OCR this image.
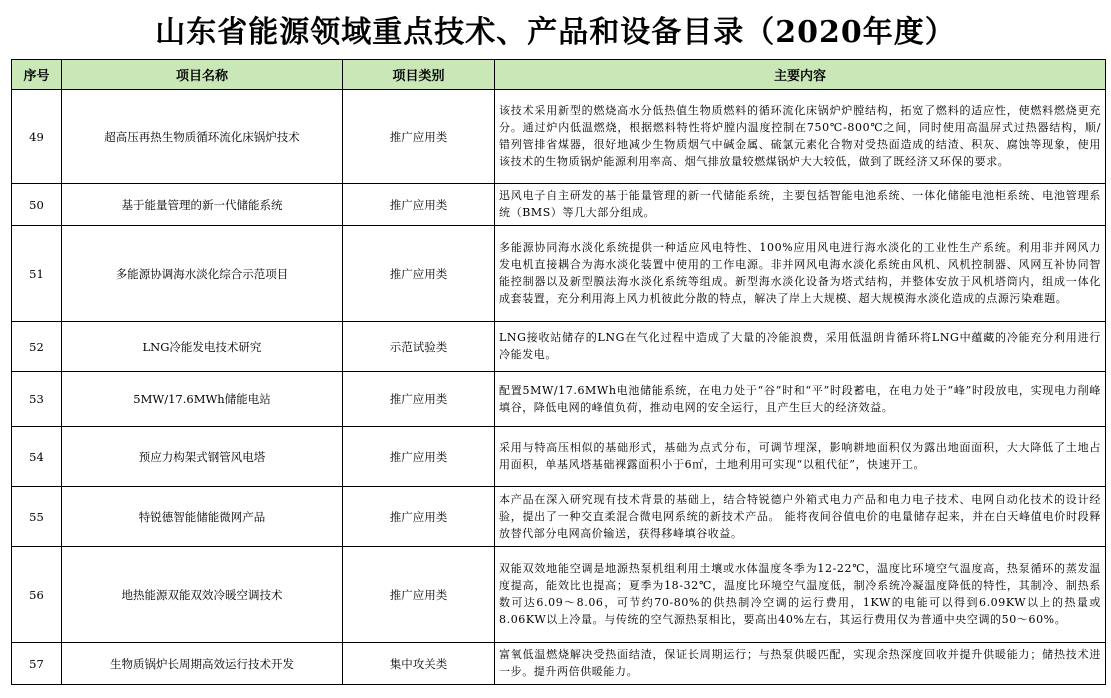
山东省能源领域重点技术、产品和设备目录（2020年度）
序号	项目名称	项目类别	主要内容
49	超高压再热生物质循环流化床锅炉技术	推广应用类	该技术采用新型的燃烧高水分低热值生物质燃料的循环流化床锅炉炉膛结构，拓宽了燃料的适应性，使燃料燃烧更充分。通过炉内低温燃烧，根据燃料特性将炉膛内温度控制在750℃-800℃之间，同时使用高温屏式过热器结构，顺/错列管排省煤器，很好地减少生物质烟气中碱金属、硫氯元素化合物对受热面造成的结渣、积灰、腐蚀等现象，使用该技术的生物质锅炉能源利用率高、烟气排放量较燃煤锅炉大大较低，做到了既经济又环保的要求。
50	基于能量管理的新一代储能系统	推广应用类	迅风电子自主研发的基于能量管理的新一代储能系统，主要包括智能电池系统、一体化储能电池柜系统、电池管理系统（BMS）等几大部分组成。
51	多能源协调海水淡化综合示范项目	推广应用类	多能源协同海水淡化系统提供一种适应风电特性、100%应用风电进行海水淡化的工业性生产系统。利用非并网风力发电机直接耦合为海水淡化装置中使用的工作电源。非并网风电海水淡化系统由风机、风机控制器、风网互补协同智能控制器以及新型膜法海水淡化系统等组成。新型海水淡化设备为塔式结构，并整体安放于风机塔筒内，组成一体化成套装置，充分利用海上风力机彼此分散的特点，解决了岸上大规模、超大规模海水淡化造成的点源污染难题。
52	LNG冷能发电技术研究	示范试验类	LNG接收站储存的LNG在气化过程中造成了大量的冷能浪费，采用低温朗肯循环将LNG中蕴藏的冷能充分利用进行冷能发电。
53	5MW/17.6MWh储能电站	推广应用类	配置5MW/17.6MWh电池储能系统，在电力处于“谷”时和“平”时段蓄电，在电力处于“峰”时段放电，实现电力削峰填谷，降低电网的峰值负荷，推动电网的安全运行，且产生巨大的经济效益。
54	预应力构架式钢管风电塔	推广应用类	采用与特高压相似的基础形式，基础为点式分布，可调节埋深，影响耕地面积仅为露出地面面积，大大降低了土地占用面积，单基风塔基础裸露面积小于6㎡，土地利用可实现“以租代征”，快速开工。
55	特锐德智能储能微网产品	推广应用类	本产品在深入研究现有技术背景的基础上，结合特锐德户外箱式电力产品和电力电子技术、电网自动化技术的设计经验，提出了一种交直柔混合微电网系统的新技术产品。 能将夜间谷值电价的电量储存起来，并在白天峰值电价时段释放替代部分电网高价输送，获得移峰填谷收益。
56	地热能源双能双效冷暖空调技术	推广应用类	双能双效地能空调是地源热泵机组利用土壤或水体温度冬季为12-22℃，温度比环境空气温度高，热泵循环的蒸发温度提高，能效比也提高；夏季为18-32℃，温度比环境空气温度低，制冷系统冷凝温度降低的特性，其制冷、制热系数可达6.09～8.06，可节约70-80%的供热制冷空调的运行费用，1KW的电能可以得到6.09KW以上的热量或8.06KW以上冷量。与传统的空气源热泵相比，要高出40%左右，其运行费用仅为普通中央空调的50～60%。
57	生物质锅炉长周期高效运行技术开发	集中攻关类	富氧低温燃烧解决受热面结渣，保证长周期运行；与热泵供暖匹配，实现余热深度回收并提升供暖能力；储热技术进一步。提升两倍供暖能力。
